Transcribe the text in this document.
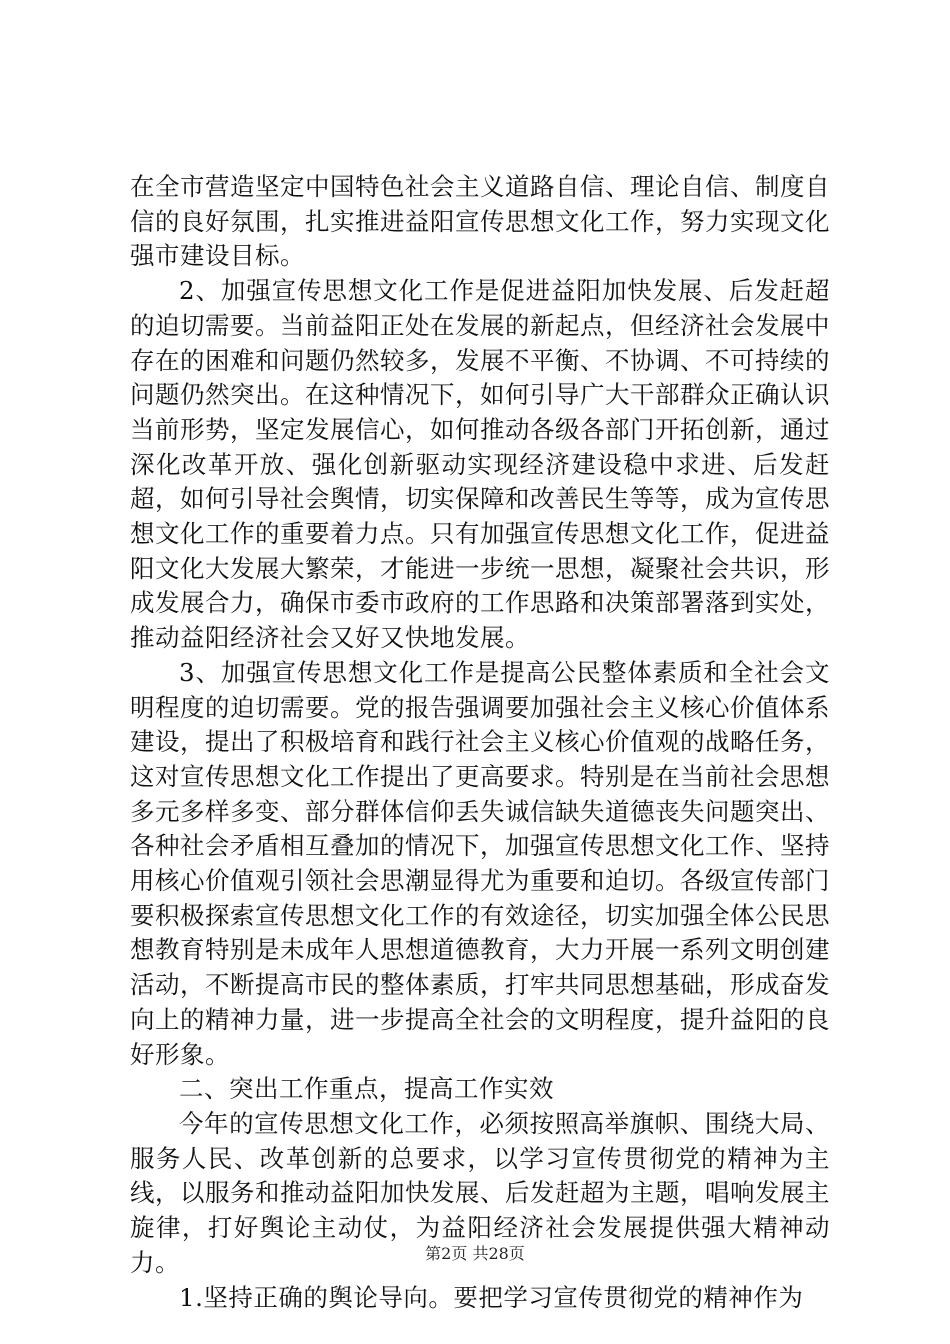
在全市营造坚定中国特色社会主义道路自信、理论自信、制度自信的良好氛围，扎实推进益阳宣传思想文化工作，努力实现文化强市建设目标。

2、加强宣传思想文化工作是促进益阳加快发展、后发赶超的迫切需要。当前益阳正处在发展的新起点，但经济社会发展中存在的困难和问题仍然较多，发展不平衡、不协调、不可持续的问题仍然突出。在这种情况下，如何引导广大干部群众正确认识当前形势，坚定发展信心，如何推动各级各部门开拓创新，通过深化改革开放、强化创新驱动实现经济建设稳中求进、后发赶超，如何引导社会舆情，切实保障和改善民生等等，成为宣传思想文化工作的重要着力点。只有加强宣传思想文化工作，促进益阳文化大发展大繁荣，才能进一步统一思想，凝聚社会共识，形成发展合力，确保市委市政府的工作思路和决策部署落到实处，推动益阳经济社会又好又快地发展。

3、加强宣传思想文化工作是提高公民整体素质和全社会文明程度的迫切需要。党的报告强调要加强社会主义核心价值体系建设，提出了积极培育和践行社会主义核心价值观的战略任务，这对宣传思想文化工作提出了更高要求。特别是在当前社会思想多元多样多变、部分群体信仰丢失诚信缺失道德丧失问题突出、各种社会矛盾相互叠加的情况下，加强宣传思想文化工作、坚持用核心价值观引领社会思潮显得尤为重要和迫切。各级宣传部门要积极探索宣传思想文化工作的有效途径，切实加强全体公民思想教育特别是未成年人思想道德教育，大力开展一系列文明创建活动，不断提高市民的整体素质，打牢共同思想基础，形成奋发向上的精神力量，进一步提高全社会的文明程度，提升益阳的良好形象。

二、突出工作重点，提高工作实效

今年的宣传思想文化工作，必须按照高举旗帜、围绕大局、服务人民、改革创新的总要求，以学习宣传贯彻党的精神为主线，以服务和推动益阳加快发展、后发赶超为主题，唱响发展主旋律，打好舆论主动仗，为益阳经济社会发展提供强大精神动力。

1.坚持正确的舆论导向。要把学习宣传贯彻党的精神作为

第2页 共28页
